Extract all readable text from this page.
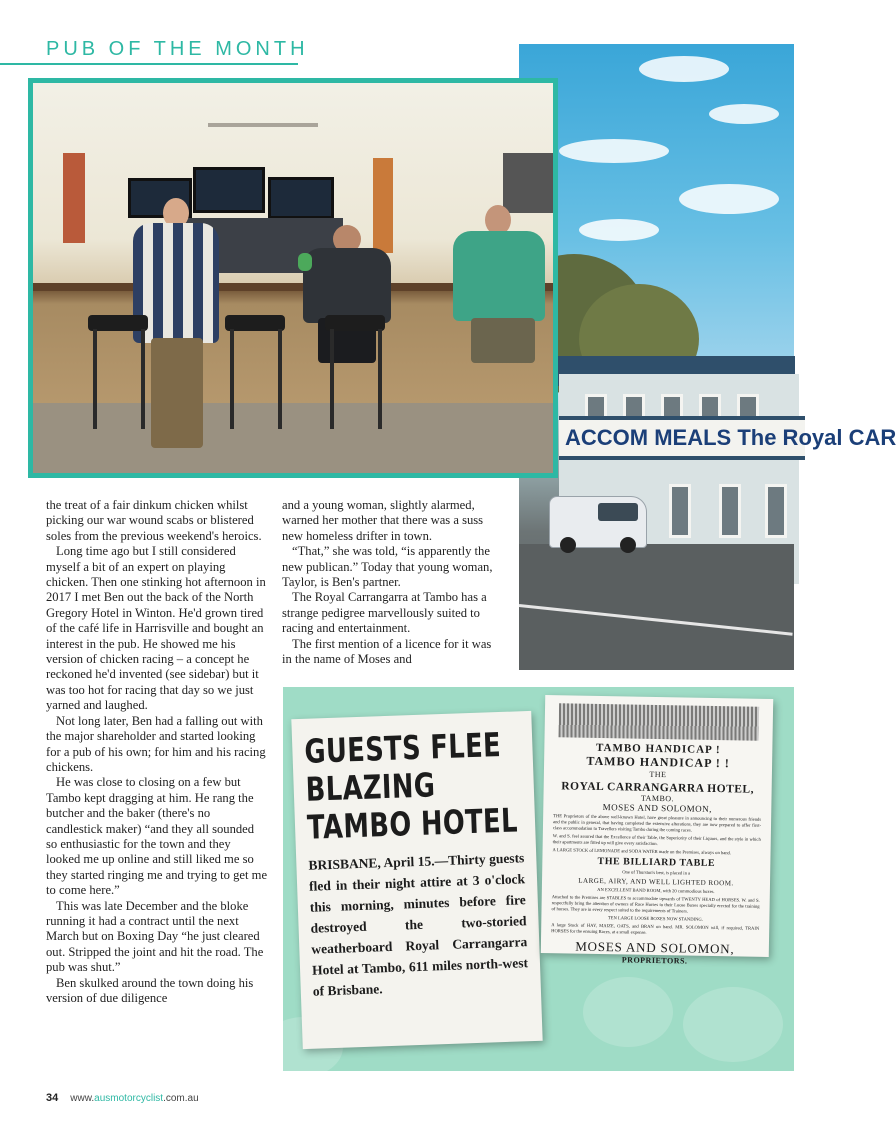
PUB OF THE MONTH
ACCOM MEALS The Royal CAR

the treat of a fair dinkum chicken whilst picking our war wound scabs or blistered soles from the previous weekend's heroics.

Long time ago but I still considered myself a bit of an expert on playing chicken. Then one stinking hot afternoon in 2017 I met Ben out the back of the North Gregory Hotel in Winton. He'd grown tired of the café life in Harrisville and bought an interest in the pub. He showed me his version of chicken racing – a concept he reckoned he'd invented (see sidebar) but it was too hot for racing that day so we just yarned and laughed.

Not long later, Ben had a falling out with the major shareholder and started looking for a pub of his own; for him and his racing chickens.

He was close to closing on a few but Tambo kept dragging at him. He rang the butcher and the baker (there's no candlestick maker) “and they all sounded so enthusiastic for the town and they looked me up online and still liked me so they started ringing me and trying to get me to come here.”

This was late December and the bloke running it had a contract until the next March but on Boxing Day “he just cleared out. Stripped the joint and hit the road. The pub was shut.”

Ben skulked around the town doing his version of due diligence

and a young woman, slightly alarmed, warned her mother that there was a suss new homeless drifter in town.

“That,” she was told, “is apparently the new publican.” Today that young woman, Taylor, is Ben's partner.

The Royal Carrangarra at Tambo has a strange pedigree marvellously suited to racing and entertainment.

The first mention of a licence for it was in the name of Moses and

GUESTS FLEE

BLAZING

TAMBO HOTEL

BRISBANE, April 15.—Thirty guests fled in their night attire at 3 o'clock this morning, minutes before fire destroyed the two-storied weatherboard Royal Carrangarra Hotel at Tambo, 611 miles north-west of Brisbane.

TAMBO HANDICAP !

TAMBO HANDICAP ! !

THE

ROYAL CARRANGARRA HOTEL,

TAMBO.

MOSES AND SOLOMON,

THE Proprietors of the above well-known Hotel, have great pleasure in announcing to their numerous friends and the public in general, that having completed the extensive alterations, they are now prepared to offer first-class accommodation to Travellers visiting Tambo during the coming races.

W. and S. feel assured that the Excellence of their Table, the Superiority of their Liquors, and the style in which their apartments are fitted up will give every satisfaction.

A LARGE STOCK of LEMONADE and SODA WATER made on the Premises, always on hand.

THE BILLIARD TABLE

One of Thurston's best, is placed in a

LARGE, AIRY, AND WELL LIGHTED ROOM.

AN EXCELLENT BAND ROOM, with 20 commodious boxes.

Attached to the Premises are STABLES to accommodate upwards of TWENTY HEAD of HORSES. W. and S. respectfully bring the attention of owners of Race Horses to their Loose Boxes specially erected for the training of horses. They are in every respect suited to the requirements of Trainers.

TEN LARGE LOOSE BOXES NOW STANDING.

A large Stock of HAY, MAIZE, OATS, and BRAN on hand. MR. SOLOMON will, if required, TRAIN HORSES for the ensuing Races, at a small expense.

MOSES AND SOLOMON,

PROPRIETORS.

34 www.ausmotorcyclist.com.au
